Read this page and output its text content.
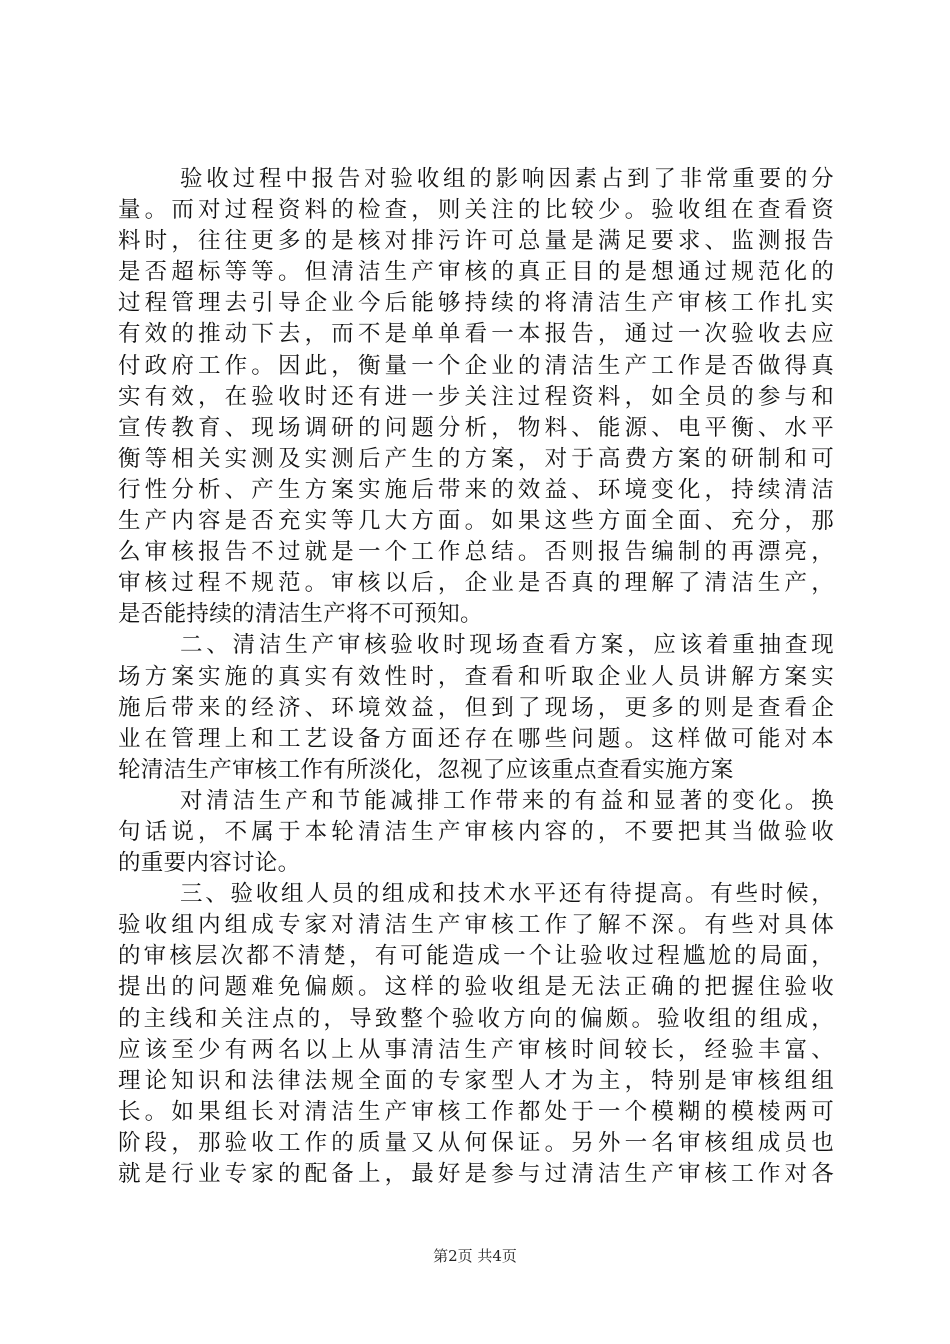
验收过程中报告对验收组的影响因素占到了非常重要的分
量。而对过程资料的检查，则关注的比较少。验收组在查看资
料时，往往更多的是核对排污许可总量是满足要求、监测报告
是否超标等等。但清洁生产审核的真正目的是想通过规范化的
过程管理去引导企业今后能够持续的将清洁生产审核工作扎实
有效的推动下去，而不是单单看一本报告，通过一次验收去应
付政府工作。因此，衡量一个企业的清洁生产工作是否做得真
实有效，在验收时还有进一步关注过程资料，如全员的参与和
宣传教育、现场调研的问题分析，物料、能源、电平衡、水平
衡等相关实测及实测后产生的方案，对于高费方案的研制和可
行性分析、产生方案实施后带来的效益、环境变化，持续清洁
生产内容是否充实等几大方面。如果这些方面全面、充分，那
么审核报告不过就是一个工作总结。否则报告编制的再漂亮，
审核过程不规范。审核以后，企业是否真的理解了清洁生产，
是否能持续的清洁生产将不可预知。
二、清洁生产审核验收时现场查看方案，应该着重抽查现
场方案实施的真实有效性时，查看和听取企业人员讲解方案实
施后带来的经济、环境效益，但到了现场，更多的则是查看企
业在管理上和工艺设备方面还存在哪些问题。这样做可能对本
轮清洁生产审核工作有所淡化，忽视了应该重点查看实施方案
对清洁生产和节能减排工作带来的有益和显著的变化。换
句话说，不属于本轮清洁生产审核内容的，不要把其当做验收
的重要内容讨论。
三、验收组人员的组成和技术水平还有待提高。有些时候，
验收组内组成专家对清洁生产审核工作了解不深。有些对具体
的审核层次都不清楚，有可能造成一个让验收过程尴尬的局面，
提出的问题难免偏颇。这样的验收组是无法正确的把握住验收
的主线和关注点的，导致整个验收方向的偏颇。验收组的组成，
应该至少有两名以上从事清洁生产审核时间较长，经验丰富、
理论知识和法律法规全面的专家型人才为主，特别是审核组组
长。如果组长对清洁生产审核工作都处于一个模糊的模棱两可
阶段，那验收工作的质量又从何保证。另外一名审核组成员也
就是行业专家的配备上，最好是参与过清洁生产审核工作对各
第2页 共4页
